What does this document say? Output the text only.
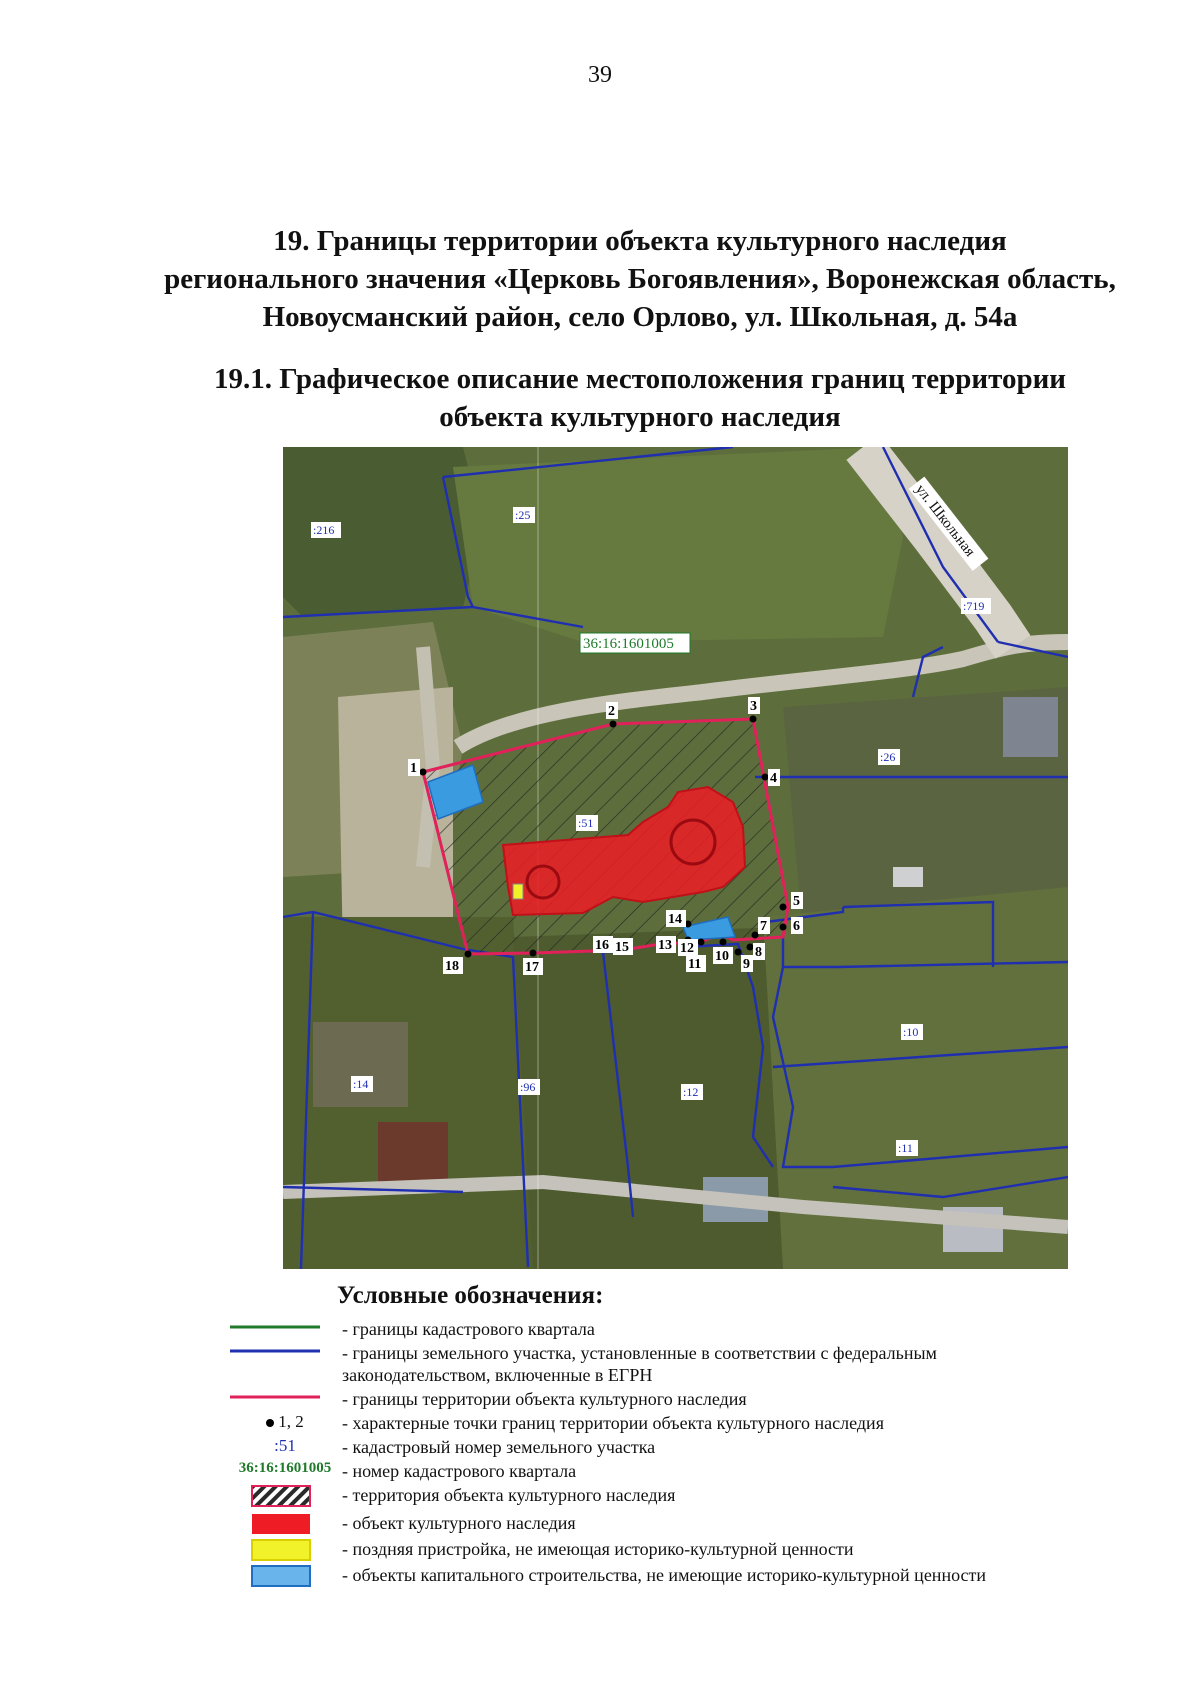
39
19. Границы территории объекта культурного наследия
регионального значения «Церковь Богоявления», Воронежская область,
Новоусманский район, село Орлово, ул. Школьная, д. 54а
19.1. Графическое описание местоположения границ территории
объекта культурного наследия
1
2	3
4
5
6
7
8
9
10
11
12
13
14
15
16
17
18
:216
:25
:719
:26
:51
:14	:96	:12
:10
:11
36:16:1601005
ул. Школьная
Условные обозначения:
- границы кадастрового квартала
- границы земельного участка, установленные в соответствии с федеральным законодательством, включенные в ЕГРН
- границы территории объекта культурного наследия
1, 2	- характерные точки границ территории объекта культурного наследия
:51	- кадастровый номер земельного участка
36:16:1601005 - номер кадастрового квартала
- территория объекта культурного наследия
- объект культурного наследия
- поздняя пристройка, не имеющая историко-культурной ценности
- объекты капитального строительства, не имеющие историко-культурной ценности
